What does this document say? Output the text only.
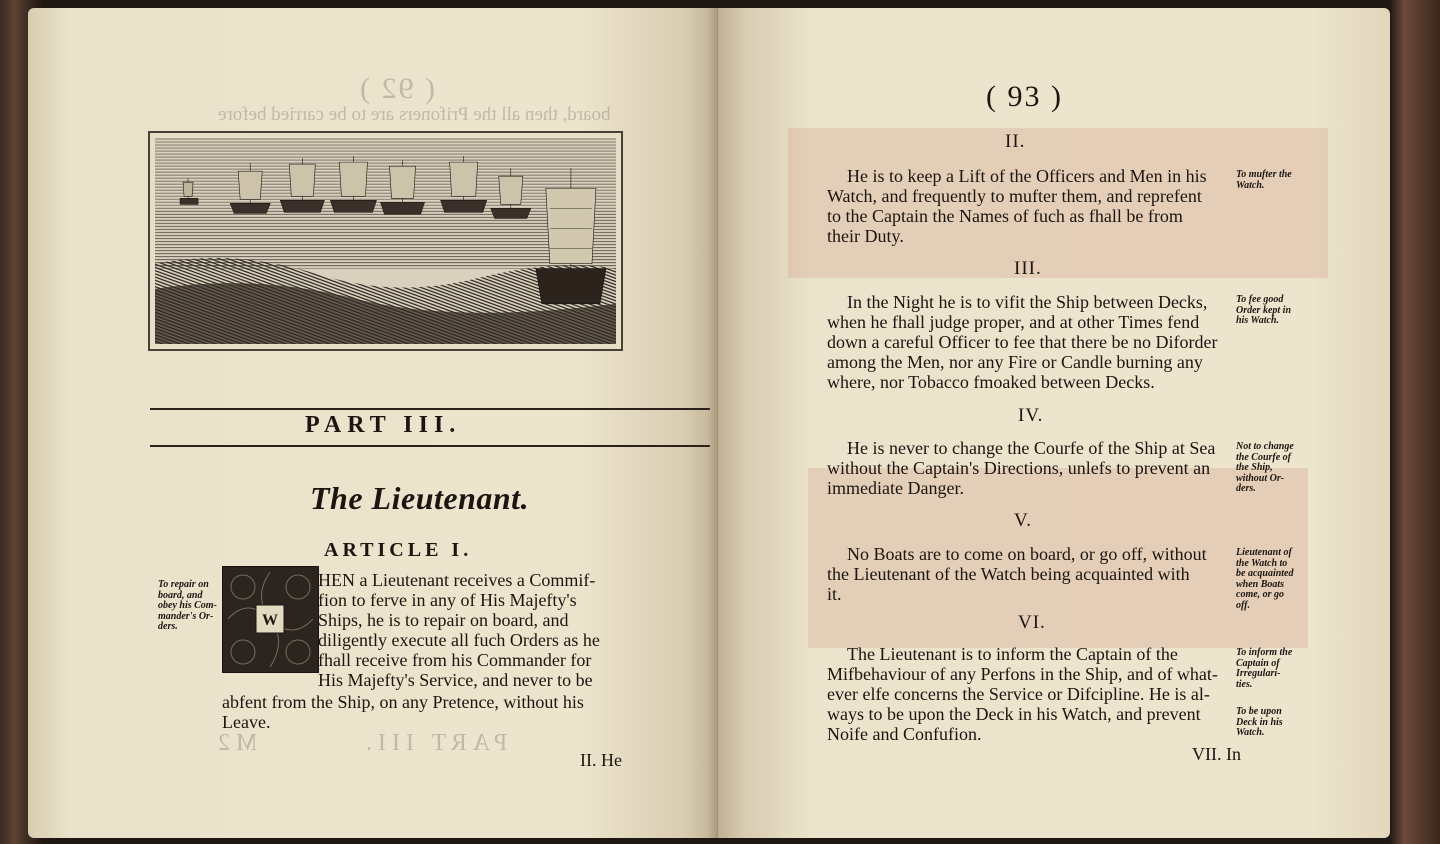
( 92 )
board, then all the Prifoners are to be carried before
PART III.
M 2
PART III.
The Lieutenant.
ARTICLE I.
To repair on
board, and
obey his Com-
mander's Or-
ders.	W
HEN a Lieutenant receives a Commif-
fion to ferve in any of His Majefty's
Ships, he is to repair on board, and
diligently execute all fuch Orders as he
fhall receive from his Commander for
His Majefty's Service, and never to be
abfent from the Ship, on any Pretence, without his
Leave.
II. He
( 93 )
II.
He is to keep a Lift of the Officers and Men in his
Watch, and frequently to mufter them, and reprefent
to the Captain the Names of fuch as fhall be from
their Duty.
To mufter the
Watch.
III.
In the Night he is to vifit the Ship between Decks,
when he fhall judge proper, and at other Times fend
down a careful Officer to fee that there be no Diforder
among the Men, nor any Fire or Candle burning any
where, nor Tobacco fmoaked between Decks.
To fee good
Order kept in
his Watch.
IV.
He is never to change the Courfe of the Ship at Sea
without the Captain's Directions, unlefs to prevent an
immediate Danger.
Not to change
the Courfe of
the Ship,
without Or-
ders.
V.
No Boats are to come on board, or go off, without
the Lieutenant of the Watch being acquainted with
it.
Lieutenant of
the Watch to
be acquainted
when Boats
come, or go
off.
VI.
The Lieutenant is to inform the Captain of the
Mifbehaviour of any Perfons in the Ship, and of what-
ever elfe concerns the Service or Difcipline. He is al-
ways to be upon the Deck in his Watch, and prevent
Noife and Confufion.
To inform the
Captain of
Irregulari-
ties.
To be upon
Deck in his
Watch.
VII. In
